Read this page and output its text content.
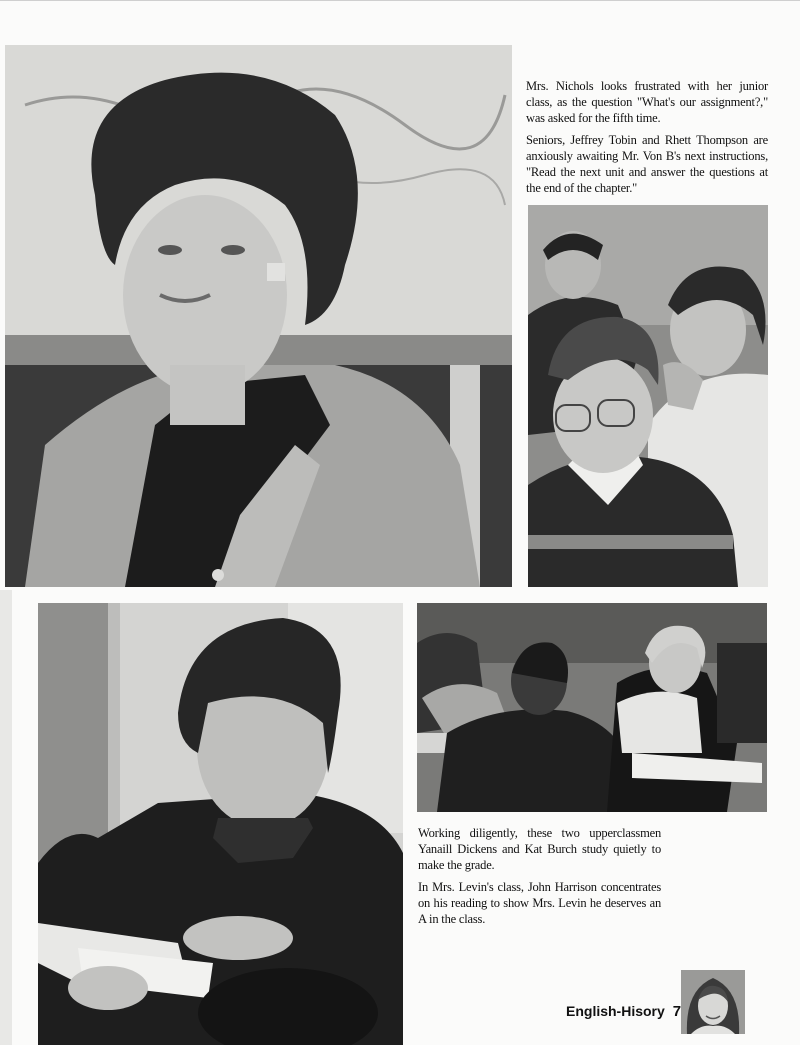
Mrs. Nichols looks frustrated with her junior class, as the question "What's our assignment?," was asked for the fifth time.

Seniors, Jeffrey Tobin and Rhett Thompson are anxiously awaiting Mr. Von B's next instructions, "Read the next unit and answer the questions at the end of the chapter."

Working diligently, these two upperclassmen Yanaill Dickens and Kat Burch study quietly to make the grade.

In Mrs. Levin's class, John Harrison concentrates on his reading to show Mrs. Levin he deserves an A in the class.

English-Hisory 7
